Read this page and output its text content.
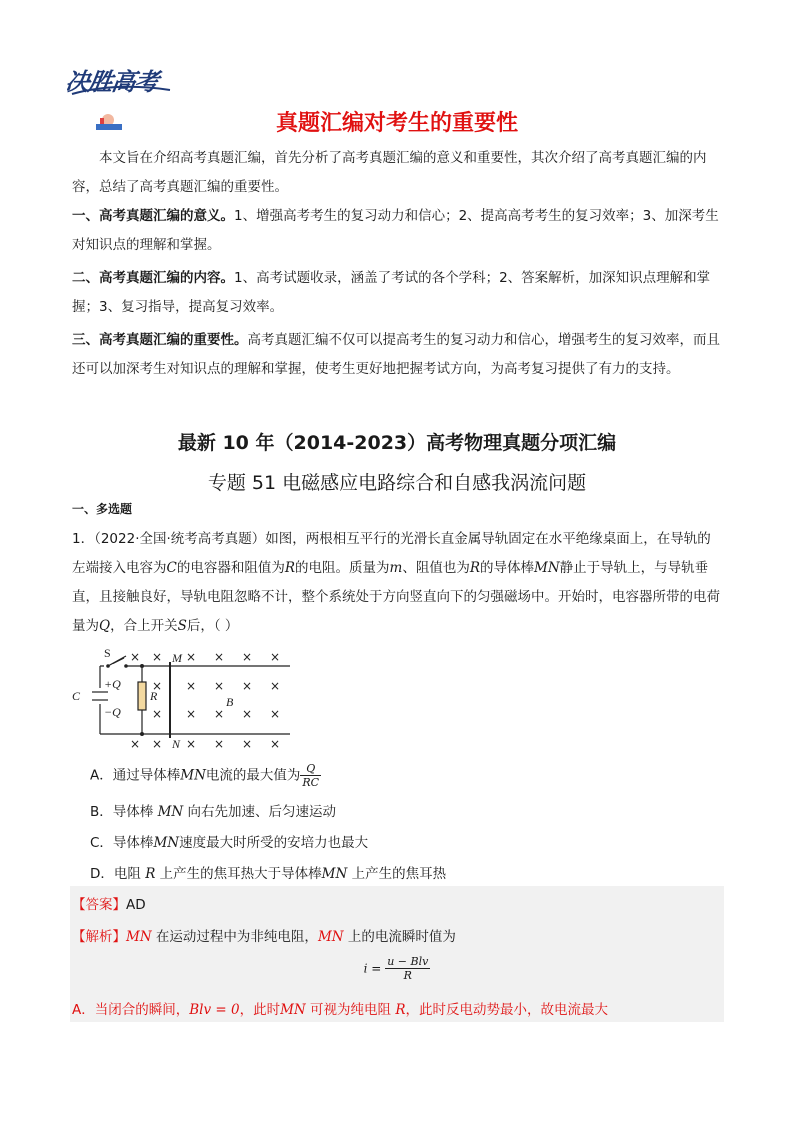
决胜高考
真题汇编对考生的重要性

本文旨在介绍高考真题汇编，首先分析了高考真题汇编的意义和重要性，其次介绍了高考真题汇编的内容，总结了高考真题汇编的重要性。

一、高考真题汇编的意义。1、增强高考考生的复习动力和信心；2、提高高考考生的复习效率；3、加深考生对知识点的理解和掌握。

二、高考真题汇编的内容。1、高考试题收录，涵盖了考试的各个学科；2、答案解析，加深知识点理解和掌握；3、复习指导，提高复习效率。

三、高考真题汇编的重要性。高考真题汇编不仅可以提高考生的复习动力和信心，增强考生的复习效率，而且还可以加深考生对知识点的理解和掌握，使考生更好地把握考试方向，为高考复习提供了有力的支持。

最新 10 年（2014-2023）高考物理真题分项汇编

专题 51 电磁感应电路综合和自感我涡流问题

一、多选题

1．（2022·全国·统考高考真题）如图，两根相互平行的光滑长直金属导轨固定在水平绝缘桌面上，在导轨的左端接入电容为C的电容器和阻值为R的电阻。质量为m、阻值也为R的导体棒MN静止于导轨上，与导轨垂直，且接触良好，导轨电阻忽略不计，整个系统处于方向竖直向下的匀强磁场中。开始时，电容器所带的电荷量为Q，合上开关S后，（ ）

S	M
N
C
+Q
−Q
R	B
× × × × × ×
× × × × ×
× × × × ×
× × × × × ×

A．通过导体棒MN电流的最大值为 $\frac{Q}{RC}$

B．导体棒 MN 向右先加速、后匀速运动

C．导体棒MN速度最大时所受的安培力也最大

D．电阻 R 上产生的焦耳热大于导体棒MN 上产生的焦耳热

【答案】AD

【解析】MN 在运动过程中为非纯电阻，MN 上的电流瞬时值为

$i = \frac{\text{u − Blv}}{R}$

A．当闭合的瞬间，Blv = 0，此时MN 可视为纯电阻 R，此时反电动势最小，故电流最大
